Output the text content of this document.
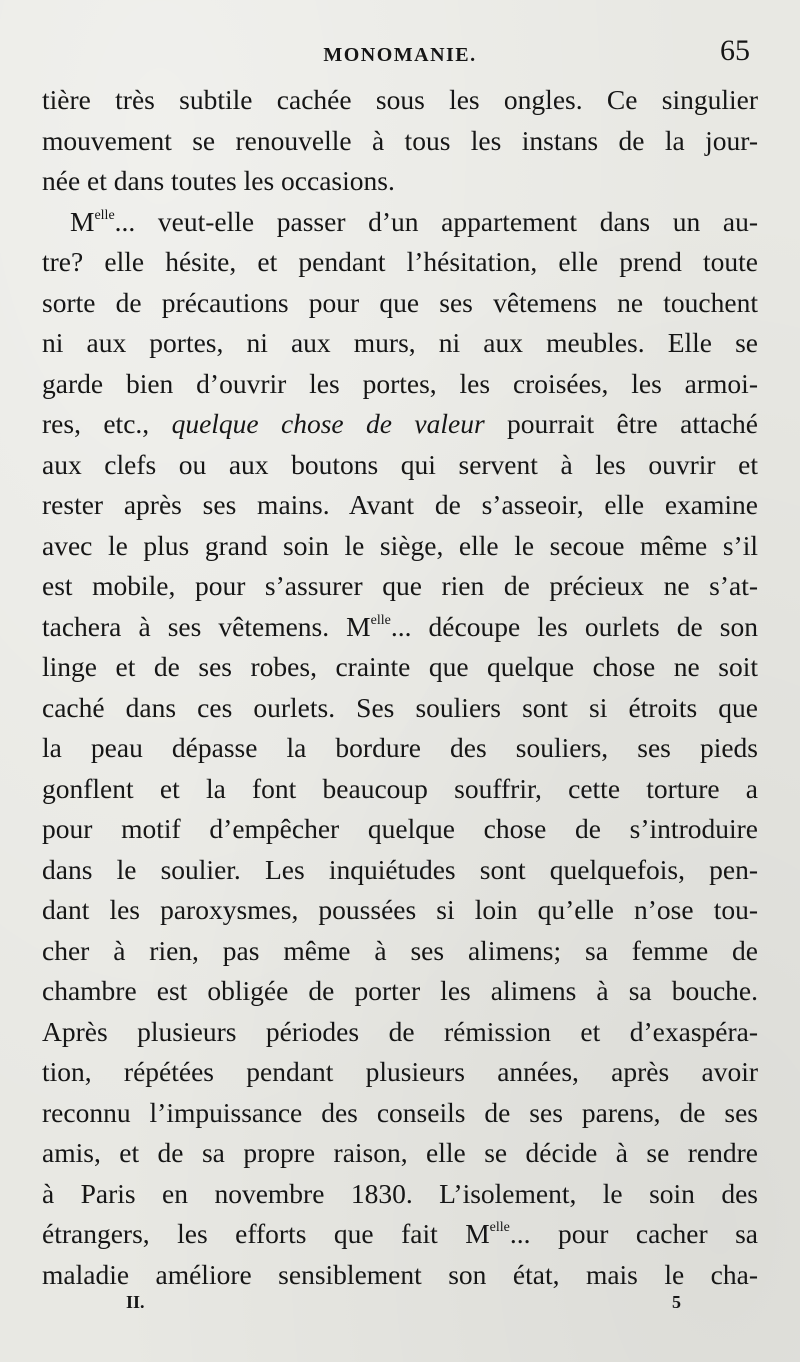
MONOMANIE.	65
tière très subtile cachée sous les ongles. Ce singulier
mouvement se renouvelle à tous les instans de la jour-
née et dans toutes les occasions.
$M^{elle}$... veut-elle passer d’un appartement dans un au-
tre? elle hésite, et pendant l’hésitation, elle prend toute
sorte de précautions pour que ses vêtemens ne touchent
ni aux portes, ni aux murs, ni aux meubles. Elle se
garde bien d’ouvrir les portes, les croisées, les armoi-
res, etc., quelque chose de valeur pourrait être attaché
aux clefs ou aux boutons qui servent à les ouvrir et
rester après ses mains. Avant de s’asseoir, elle examine
avec le plus grand soin le siège, elle le secoue même s’il
est mobile, pour s’assurer que rien de précieux ne s’at-
tachera à ses vêtemens. $M^{elle}$... découpe les ourlets de son
linge et de ses robes, crainte que quelque chose ne soit
caché dans ces ourlets. Ses souliers sont si étroits que
la peau dépasse la bordure des souliers, ses pieds
gonflent et la font beaucoup souffrir, cette torture a
pour motif d’empêcher quelque chose de s’introduire
dans le soulier. Les inquiétudes sont quelquefois, pen-
dant les paroxysmes, poussées si loin qu’elle n’ose tou-
cher à rien, pas même à ses alimens; sa femme de
chambre est obligée de porter les alimens à sa bouche.
Après plusieurs périodes de rémission et d’exaspéra-
tion, répétées pendant plusieurs années, après avoir
reconnu l’impuissance des conseils de ses parens, de ses
amis, et de sa propre raison, elle se décide à se rendre
à Paris en novembre 1830. L’isolement, le soin des
étrangers, les efforts que fait $M^{elle}$... pour cacher sa
maladie améliore sensiblement son état, mais le cha-
II.	5
